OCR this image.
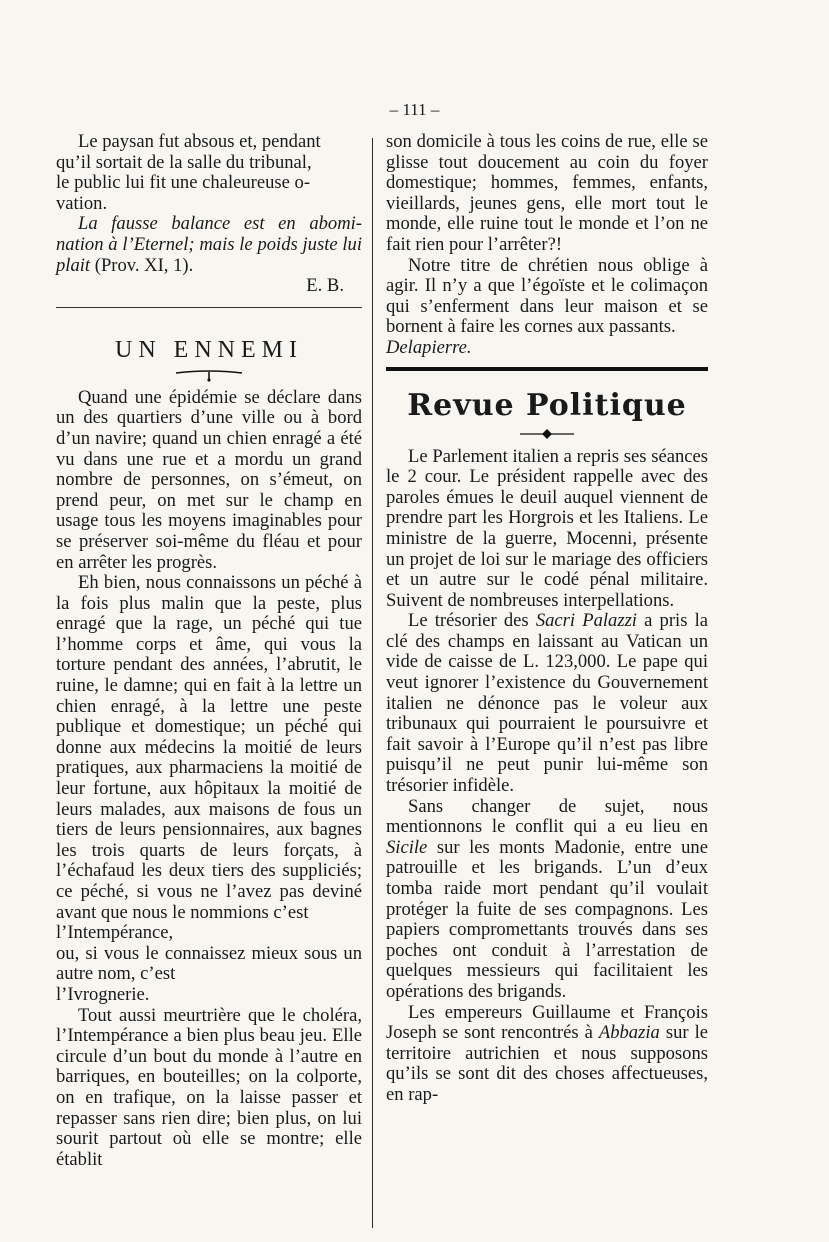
– 111 –

Le paysan fut absous et, pendant

qu’il sortait de la salle du tribunal,

le public lui fit une chaleureuse o-

vation.

La fausse balance est en abomi- nation à l’Eternel; mais le poids juste lui plait (Prov. XI, 1).

E. B.

UN ENNEMI

Quand une épidémie se déclare dans un des quartiers d’une ville ou à bord d’un navire; quand un chien enragé a été vu dans une rue et a mordu un grand nombre de personnes, on s’émeut, on prend peur, on met sur le champ en usage tous les moyens imaginables pour se préserver soi-même du fléau et pour en arrêter les progrès.

Eh bien, nous connaissons un péché à la fois plus malin que la peste, plus enragé que la rage, un péché qui tue l’homme corps et âme, qui vous la torture pendant des années, l’abrutit, le ruine, le damne; qui en fait à la lettre un chien enragé, à la lettre une peste publique et domestique; un péché qui donne aux médecins la moitié de leurs pratiques, aux pharmaciens la moitié de leur fortune, aux hôpitaux la moitié de leurs malades, aux maisons de fous un tiers de leurs pensionnaires, aux bagnes les trois quarts de leurs forçats, à l’échafaud les deux tiers des suppliciés; ce péché, si vous ne l’avez pas deviné avant que nous le nommions c’est

l’Intempérance,

ou, si vous le connaissez mieux sous un autre nom, c’est

l’Ivrognerie.

Tout aussi meurtrière que le choléra, l’Intempérance a bien plus beau jeu. Elle circule d’un bout du monde à l’autre en barriques, en bouteilles; on la colporte, on en trafique, on la laisse passer et repasser sans rien dire; bien plus, on lui sourit partout où elle se montre; elle établit

son domicile à tous les coins de rue, elle se glisse tout doucement au coin du foyer domestique; hommes, femmes, enfants, vieillards, jeunes gens, elle mort tout le monde, elle ruine tout le monde et l’on ne fait rien pour l’arrêter?!

Notre titre de chrétien nous oblige à agir. Il n’y a que l’égoïste et le colimaçon qui s’enferment dans leur maison et se bornent à faire les cornes aux passants.

Delapierre.

Revue Politique

Le Parlement italien a repris ses séances le 2 cour. Le président rappelle avec des paroles émues le deuil auquel viennent de prendre part les Horgrois et les Italiens. Le ministre de la guerre, Mocenni, présente un projet de loi sur le mariage des officiers et un autre sur le codé pénal militaire. Suivent de nombreuses interpellations.

Le trésorier des Sacri Palazzi a pris la clé des champs en laissant au Vatican un vide de caisse de L. 123,000. Le pape qui veut ignorer l’existence du Gouvernement italien ne dénonce pas le voleur aux tribunaux qui pourraient le poursuivre et fait savoir à l’Europe qu’il n’est pas libre puisqu’il ne peut punir lui-même son trésorier infidèle.

Sans changer de sujet, nous mentionnons le conflit qui a eu lieu en Sicile sur les monts Madonie, entre une patrouille et les brigands. L’un d’eux tomba raide mort pendant qu’il voulait protéger la fuite de ses compagnons. Les papiers compromettants trouvés dans ses poches ont conduit à l’arrestation de quelques messieurs qui facilitaient les opérations des brigands.

Les empereurs Guillaume et François Joseph se sont rencontrés à Abbazia sur le territoire autrichien et nous supposons qu’ils se sont dit des choses affectueuses, en rap-
